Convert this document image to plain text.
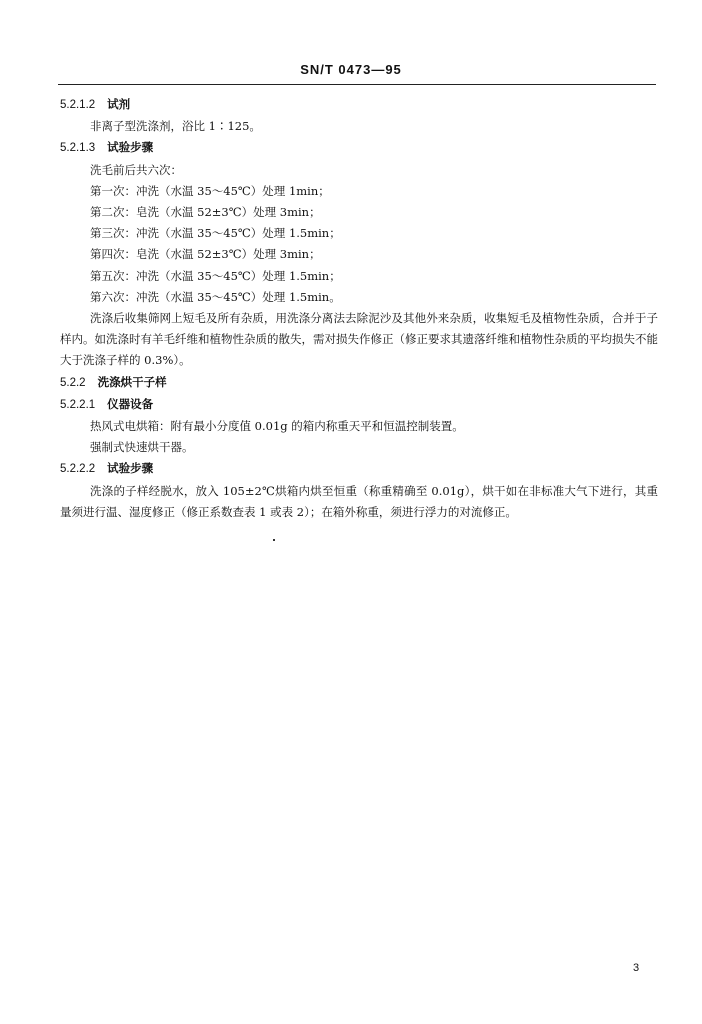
SN/T 0473—95
5.2.1.2 试剂
非离子型洗涤剂，浴比 1∶125。
5.2.1.3 试验步骤
洗毛前后共六次：
第一次：冲洗（水温 35～45℃）处理 1min；
第二次：皂洗（水温 52±3℃）处理 3min；
第三次：冲洗（水温 35～45℃）处理 1.5min；
第四次：皂洗（水温 52±3℃）处理 3min；
第五次：冲洗（水温 35～45℃）处理 1.5min；
第六次：冲洗（水温 35～45℃）处理 1.5min。
洗涤后收集筛网上短毛及所有杂质，用洗涤分离法去除泥沙及其他外来杂质，收集短毛及植物性杂质，合并于子样内。如洗涤时有羊毛纤维和植物性杂质的散失，需对损失作修正（修正要求其遗落纤维和植物性杂质的平均损失不能大于洗涤子样的 0.3%）。
5.2.2 洗涤烘干子样
5.2.2.1 仪器设备
热风式电烘箱：附有最小分度值 0.01g 的箱内称重天平和恒温控制装置。
强制式快速烘干器。
5.2.2.2 试验步骤
洗涤的子样经脱水，放入 105±2℃烘箱内烘至恒重（称重精确至 0.01g），烘干如在非标准大气下进行，其重量须进行温、湿度修正（修正系数查表 1 或表 2）；在箱外称重，须进行浮力的对流修正。
3
